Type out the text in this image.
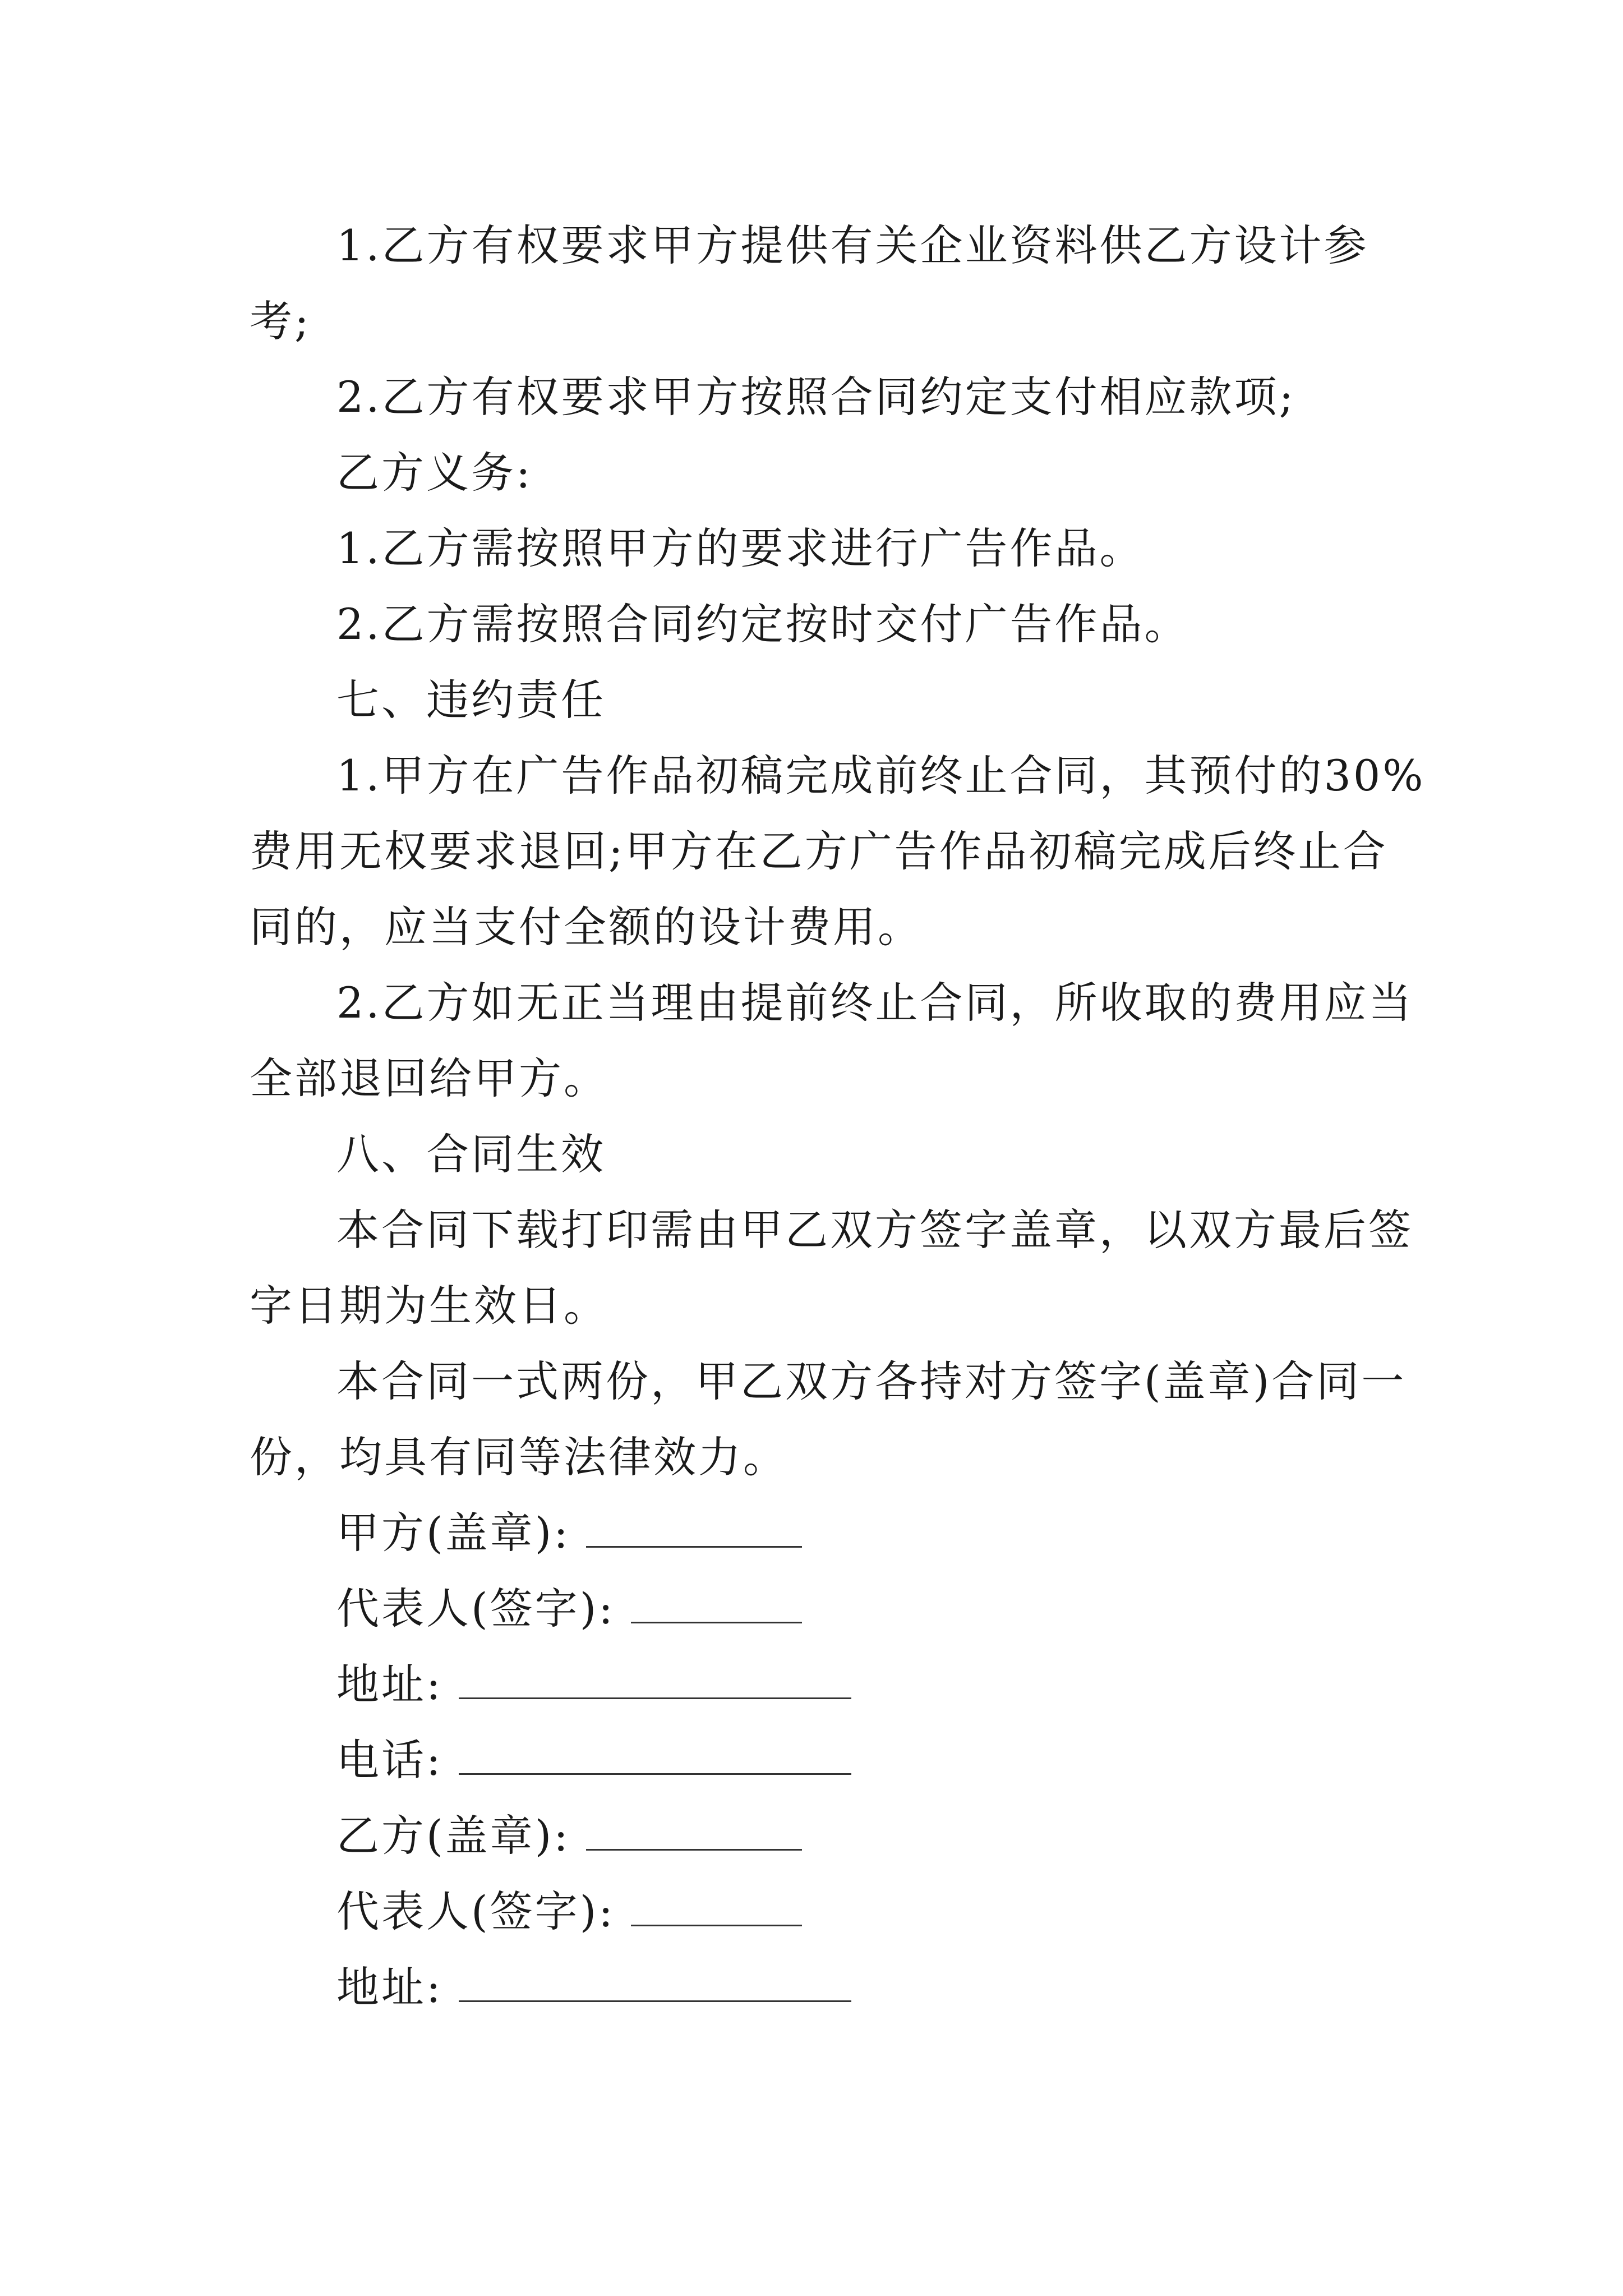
1.乙方有权要求甲方提供有关企业资料供乙方设计参
考;
2.乙方有权要求甲方按照合同约定支付相应款项;
乙方义务:
1.乙方需按照甲方的要求进行广告作品。
2.乙方需按照合同约定按时交付广告作品。
七、违约责任
1.甲方在广告作品初稿完成前终止合同，其预付的30%
费用无权要求退回;甲方在乙方广告作品初稿完成后终止合
同的，应当支付全额的设计费用。
2.乙方如无正当理由提前终止合同，所收取的费用应当
全部退回给甲方。
八、合同生效
本合同下载打印需由甲乙双方签字盖章，以双方最后签
字日期为生效日。
本合同一式两份，甲乙双方各持对方签字(盖章)合同一
份，均具有同等法律效力。
甲方(盖章):
代表人(签字):
地址:
电话:
乙方(盖章):
代表人(签字):
地址:
